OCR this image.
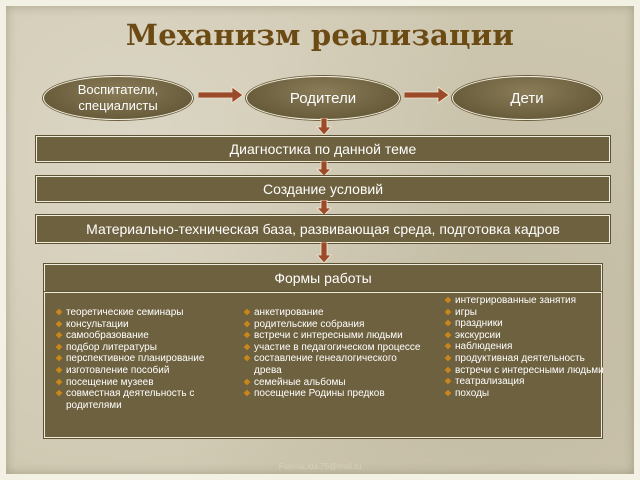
Механизм реализации
Воспитатели, специалисты	Родители	Дети
Диагностика по данной теме
Создание условий
Материально-техническая база, развивающая среда, подготовка кадров
Формы работы
теоретические семинары
консультации
самообразование
подбор литературы
перспективное планирование
изготовление пособий
посещение музеев
совместная деятельность с родителями
анкетирование
родительские собрания
встречи с интересными людьми
участие в педагогическом процессе
составление генеалогического древа
семейные альбомы
посещение Родины предков
интегрированные занятия
игры
праздники
экскурсии
наблюдения
продуктивная деятельность
встречи с интересными людьми
театрализация
походы
FokinaLida.75@mail.ru
